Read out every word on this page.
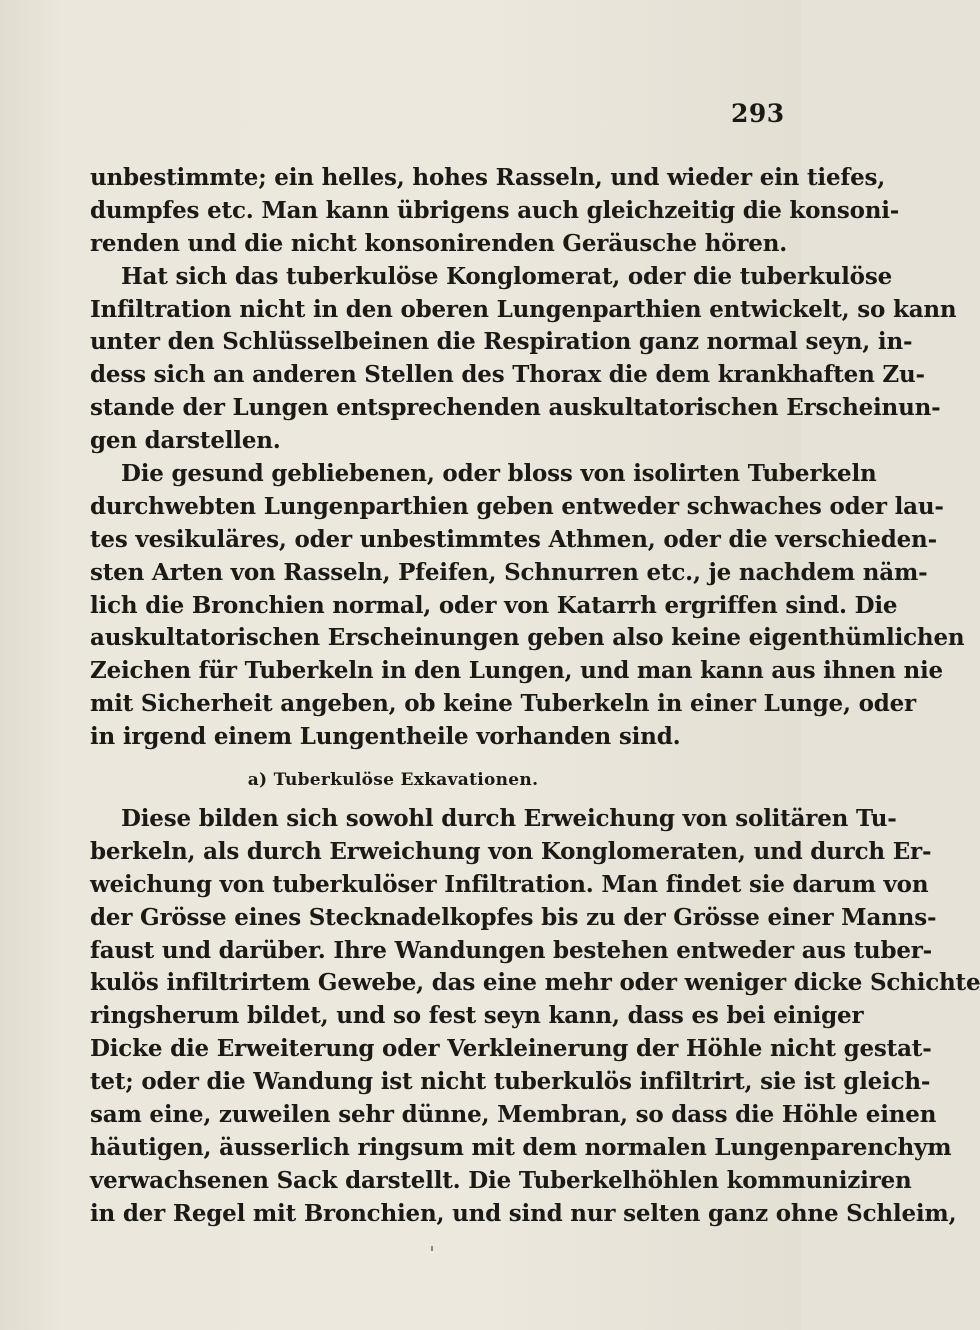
293
unbestimmte; ein helles, hohes Rasseln, und wieder ein tiefes,
dumpfes etc. Man kann übrigens auch gleichzeitig die konsoni-
renden und die nicht konsonirenden Geräusche hören.
Hat sich das tuberkulöse Konglomerat, oder die tuberkulöse
Infiltration nicht in den oberen Lungenparthien entwickelt, so kann
unter den Schlüsselbeinen die Respiration ganz normal seyn, in-
dess sich an anderen Stellen des Thorax die dem krankhaften Zu-
stande der Lungen entsprechenden auskultatorischen Erscheinun-
gen darstellen.
Die gesund gebliebenen, oder bloss von isolirten Tuberkeln
durchwebten Lungenparthien geben entweder schwaches oder lau-
tes vesikuläres, oder unbestimmtes Athmen, oder die verschieden-
sten Arten von Rasseln, Pfeifen, Schnurren etc., je nachdem näm-
lich die Bronchien normal, oder von Katarrh ergriffen sind. Die
auskultatorischen Erscheinungen geben also keine eigenthümlichen
Zeichen für Tuberkeln in den Lungen, und man kann aus ihnen nie
mit Sicherheit angeben, ob keine Tuberkeln in einer Lunge, oder
in irgend einem Lungentheile vorhanden sind.
a) Tuberkulöse Exkavationen.
Diese bilden sich sowohl durch Erweichung von solitären Tu-
berkeln, als durch Erweichung von Konglomeraten, und durch Er-
weichung von tuberkulöser Infiltration. Man findet sie darum von
der Grösse eines Stecknadelkopfes bis zu der Grösse einer Manns-
faust und darüber. Ihre Wandungen bestehen entweder aus tuber-
kulös infiltrirtem Gewebe, das eine mehr oder weniger dicke Schichte
ringsherum bildet, und so fest seyn kann, dass es bei einiger
Dicke die Erweiterung oder Verkleinerung der Höhle nicht gestat-
tet; oder die Wandung ist nicht tuberkulös infiltrirt, sie ist gleich-
sam eine, zuweilen sehr dünne, Membran, so dass die Höhle einen
häutigen, äusserlich ringsum mit dem normalen Lungenparenchym
verwachsenen Sack darstellt. Die Tuberkelhöhlen kommuniziren
in der Regel mit Bronchien, und sind nur selten ganz ohne Schleim,
